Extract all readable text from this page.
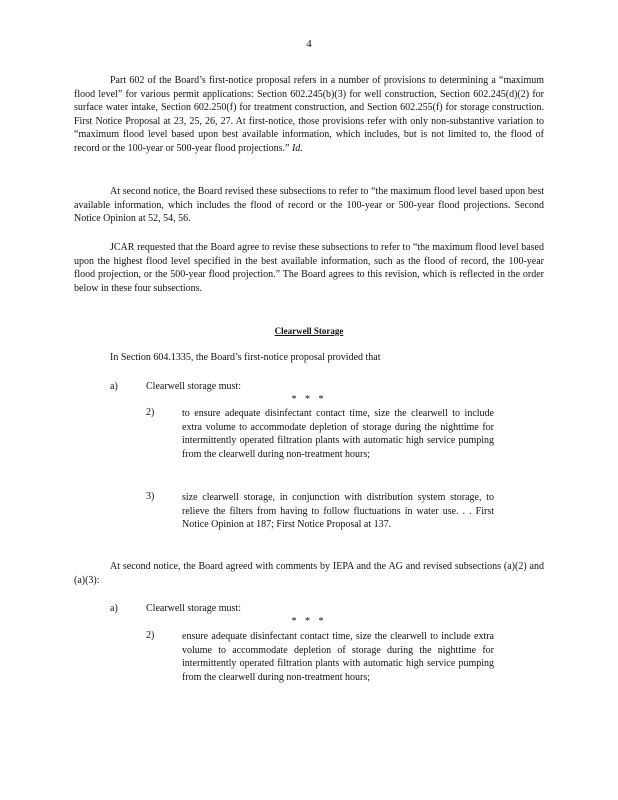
4

Part 602 of the Board’s first-notice proposal refers in a number of provisions to determining a “maximum flood level” for various permit applications: Section 602.245(b)(3) for well construction, Section 602.245(d)(2) for surface water intake, Section 602.250(f) for treatment construction, and Section 602.255(f) for storage construction. First Notice Proposal at 23, 25, 26, 27. At first-notice, those provisions refer with only non-substantive variation to “maximum flood level based upon best available information, which includes, but is not limited to, the flood of record or the 100-year or 500-year flood projections.” Id.

At second notice, the Board revised these subsections to refer to “the maximum flood level based upon best available information, which includes the flood of record or the 100-year or 500-year flood projections. Second Notice Opinion at 52, 54, 56.

JCAR requested that the Board agree to revise these subsections to refer to “the maximum flood level based upon the highest flood level specified in the best available information, such as the flood of record, the 100-year flood projection, or the 500-year flood projection.” The Board agrees to this revision, which is reflected in the order below in these four subsections.

Clearwell Storage

In Section 604.1335, the Board’s first-notice proposal provided that

a)	Clearwell storage must:
* * *
2)	to ensure adequate disinfectant contact time, size the clearwell to include extra volume to accommodate depletion of storage during the nighttime for intermittently operated filtration plants with automatic high service pumping from the clearwell during non-treatment hours;

3)	size clearwell storage, in conjunction with distribution system storage, to relieve the filters from having to follow fluctuations in water use. . . First Notice Opinion at 187; First Notice Proposal at 137.

At second notice, the Board agreed with comments by IEPA and the AG and revised subsections (a)(2) and (a)(3):

a)	Clearwell storage must:
* * *
2)	ensure adequate disinfectant contact time, size the clearwell to include extra volume to accommodate depletion of storage during the nighttime for intermittently operated filtration plants with automatic high service pumping from the clearwell during non-treatment hours;
